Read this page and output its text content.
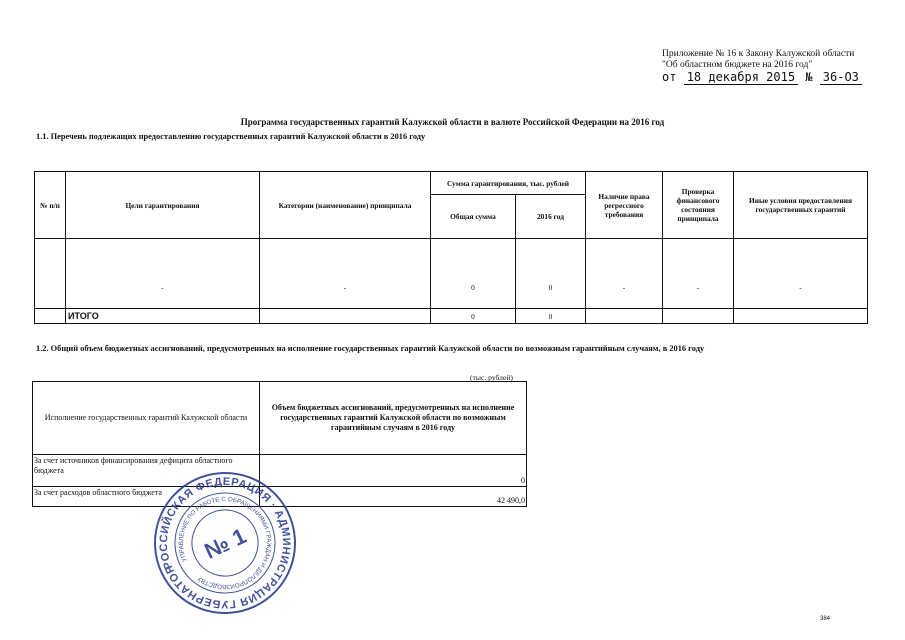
Приложение № 16 к Закону Калужской области
"Об областном бюджете на 2016 год"
от 18 декабря 2015 № 36-ОЗ
Программа государственных гарантий Калужской области в валюте Российской Федерации на 2016 год
1.1. Перечень подлежащих предоставлению государственных гарантий Калужской области в 2016 году
№ п/п	Цели гарантирования	Категории (наименование) принципала	Сумма гарантирования, тыс. рублей		Наличие права регрессного требования	Проверка финансового состояния принципала	Иные условия предоставления государственных гарантий
			Общая сумма	2016 год			
	-	-	0	0	-	-	-
	ИТОГО		0	0			
1.2. Общий объем бюджетных ассигнований, предусмотренных на исполнение государственных гарантий Калужской области по возможным гарантийным случаям, в 2016 году
(тыс. рублей)
Исполнение государственных гарантий Калужской области	Объем бюджетных ассигнований, предусмотренных на исполнение государственных гарантий Калужской области по возможным гарантийным случаям в 2016 году
За счет источников финансирования дефицита областного бюджета	0
За счет расходов областного бюджета	42 490,0
РОССИЙСКАЯ ФЕДЕРАЦИЯ · АДМИНИСТРАЦИЯ ГУБЕРНАТОРА
УПРАВЛЕНИЕ ПО РАБОТЕ С ОБРАЩЕНИЯМИ ГРАЖДАН И ДЕЛОПРОИЗВОДСТВУ
№ 1
384
